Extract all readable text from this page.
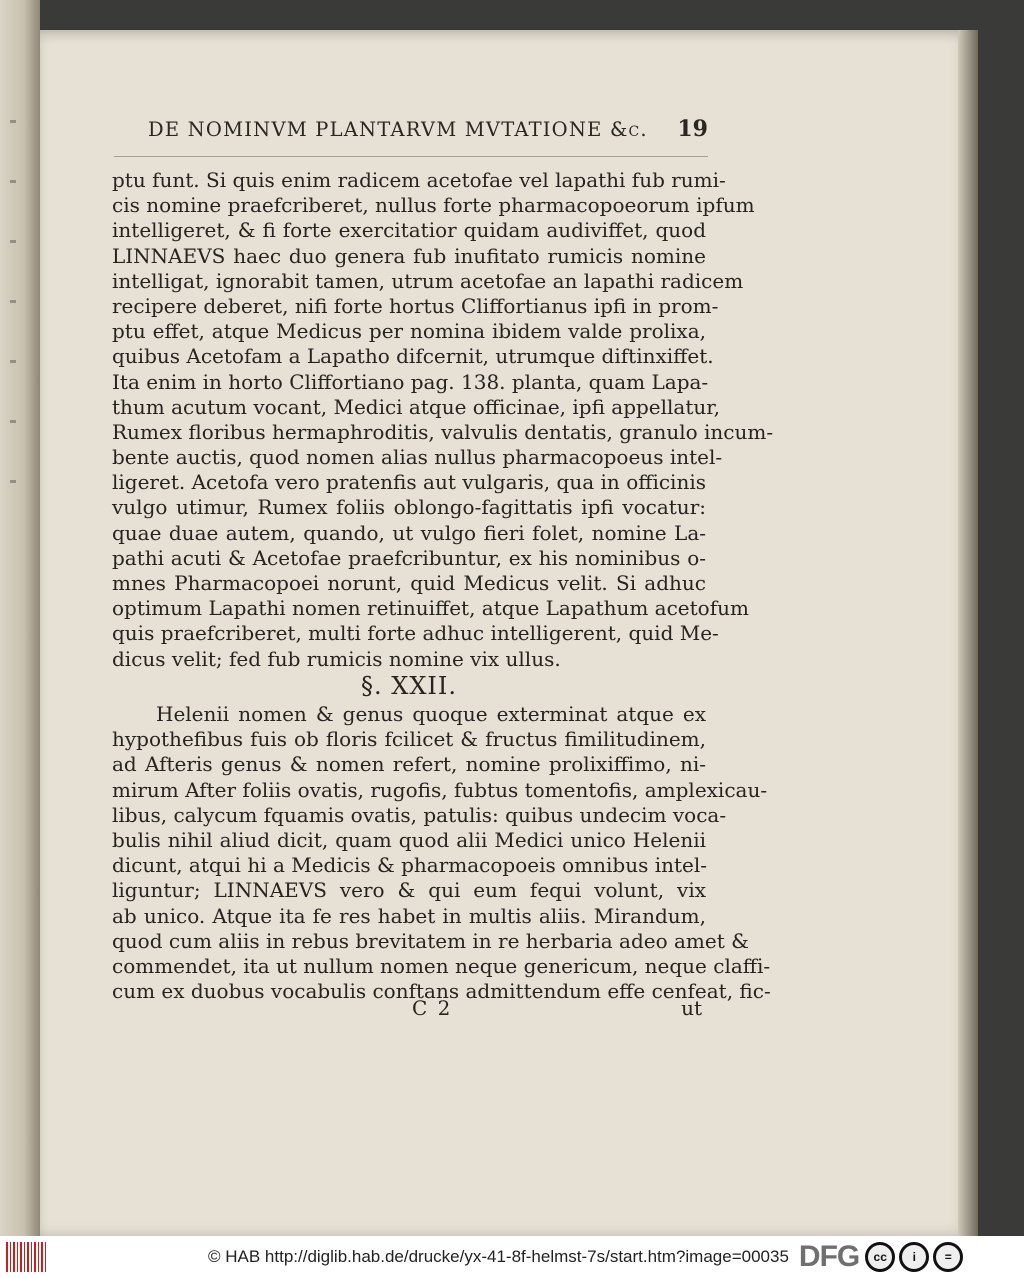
DE NOMINVM PLANTARVM MVTATIONE &c. 19
ptu funt. Si quis enim radicem acetofae vel lapathi fub rumi-
cis nomine praefcriberet, nullus forte pharmacopoeorum ipfum
intelligeret, & fi forte exercitatior quidam audiviffet, quod
LINNAEVS haec duo genera fub inufitato rumicis nomine
intelligat, ignorabit tamen, utrum acetofae an lapathi radicem
recipere deberet, nifi forte hortus Cliffortianus ipfi in prom-
ptu effet, atque Medicus per nomina ibidem valde prolixa,
quibus Acetofam a Lapatho difcernit, utrumque diftinxiffet.
Ita enim in horto Cliffortiano pag. 138. planta, quam Lapa-
thum acutum vocant, Medici atque officinae, ipfi appellatur,
Rumex floribus hermaphroditis, valvulis dentatis, granulo incum-
bente auctis, quod nomen alias nullus pharmacopoeus intel-
ligeret. Acetofa vero pratenfis aut vulgaris, qua in officinis
vulgo utimur, Rumex foliis oblongo-fagittatis ipfi vocatur:
quae duae autem, quando, ut vulgo fieri folet, nomine La-
pathi acuti & Acetofae praefcribuntur, ex his nominibus o-
mnes Pharmacopoei norunt, quid Medicus velit. Si adhuc
optimum Lapathi nomen retinuiffet, atque Lapathum acetofum
quis praefcriberet, multi forte adhuc intelligerent, quid Me-
dicus velit; fed fub rumicis nomine vix ullus.
§. XXII.
Helenii nomen & genus quoque exterminat atque ex
hypothefibus fuis ob floris fcilicet & fructus fimilitudinem,
ad Afteris genus & nomen refert, nomine prolixiffimo, ni-
mirum After foliis ovatis, rugofis, fubtus tomentofis, amplexicau-
libus, calycum fquamis ovatis, patulis: quibus undecim voca-
bulis nihil aliud dicit, quam quod alii Medici unico Helenii
dicunt, atqui hi a Medicis & pharmacopoeis omnibus intel-
liguntur; LINNAEVS vero & qui eum fequi volunt, vix
ab unico. Atque ita fe res habet in multis aliis. Mirandum,
quod cum aliis in rebus brevitatem in re herbaria adeo amet &
commendet, ita ut nullum nomen neque genericum, neque claffi-
cum ex duobus vocabulis conftans admittendum effe cenfeat, fic-
C 2	ut
© HAB http://diglib.hab.de/drucke/yx-41-8f-helmst-7s/start.htm?image=00035 DFG	cc	i	=
